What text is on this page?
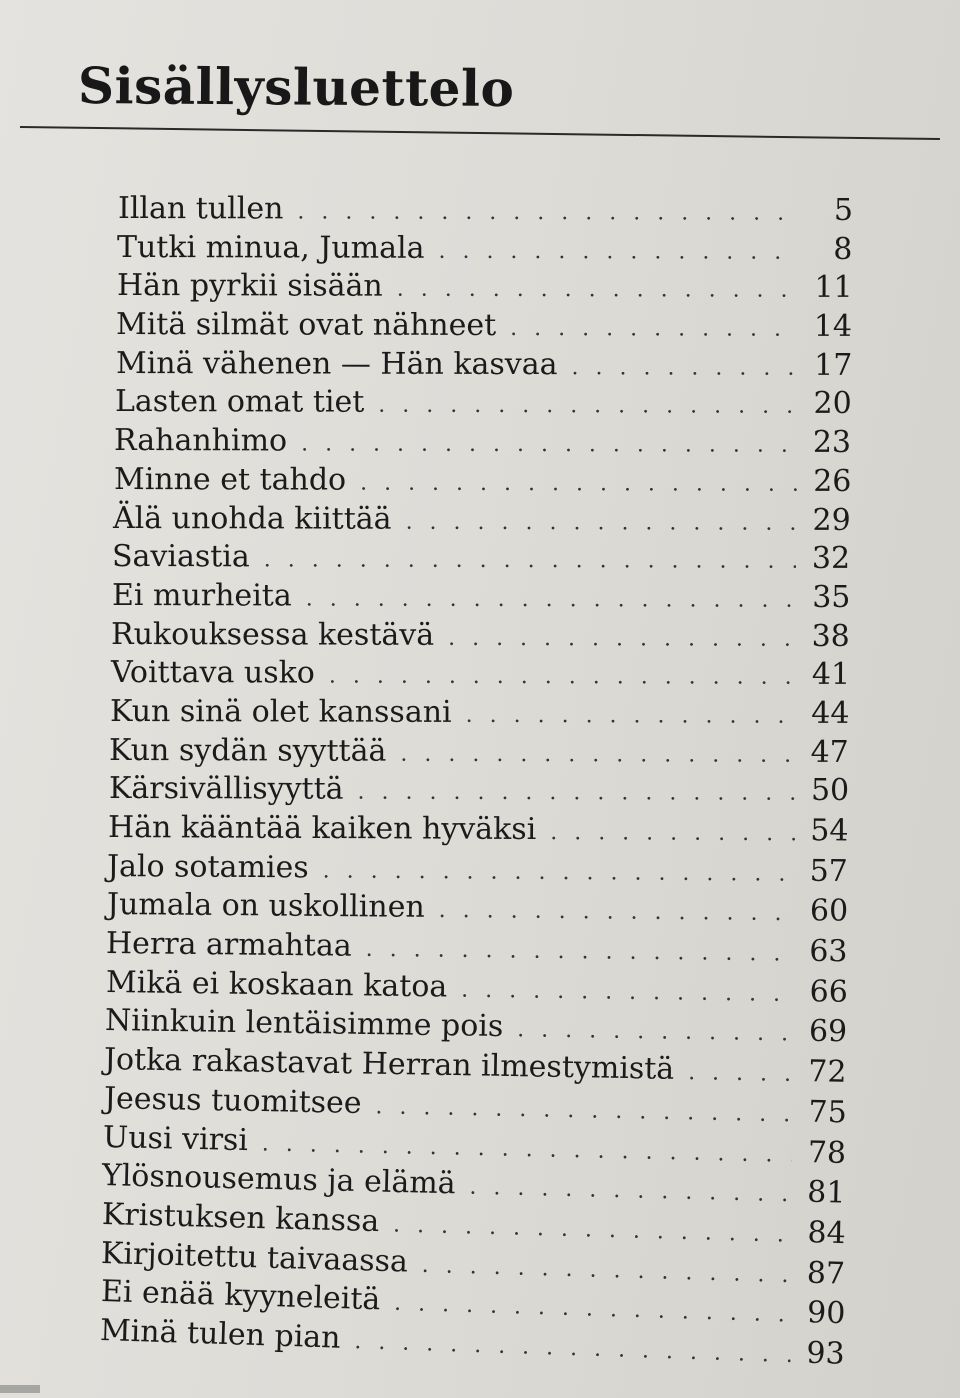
Sisällysluettelo
Illan tullen . . .	5
Tutki minua, Jumala . . .	8
Hän pyrkii sisään . . .	11
Mitä silmät ovat nähneet . . .	14
Minä vähenen — Hän kasvaa . . .	17
Lasten omat tiet . . .	20
Rahanhimo . . .	23
Minne et tahdo . . .	26
Älä unohda kiittää . . .	29
Saviastia . . .	32
Ei murheita . . .	35
Rukouksessa kestävä . . .	38
Voittava usko . . .	41
Kun sinä olet kanssani . . .	44
Kun sydän syyttää . . .	47
Kärsivällisyyttä . . .	50
Hän kääntää kaiken hyväksi . . .	54
Jalo sotamies . . .	57
Jumala on uskollinen . . .	60
Herra armahtaa . . .	63
Mikä ei koskaan katoa . . .	66
Niinkuin lentäisimme pois . . .	69
Jotka rakastavat Herran ilmestymistä . . .	72
Jeesus tuomitsee . . .	75
Uusi virsi . . .	78
Ylösnousemus ja elämä . . .	81
Kristuksen kanssa . . .	84
Kirjoitettu taivaassa . . .	87
Ei enää kyyneleitä . . .	90
Minä tulen pian . . .	93
